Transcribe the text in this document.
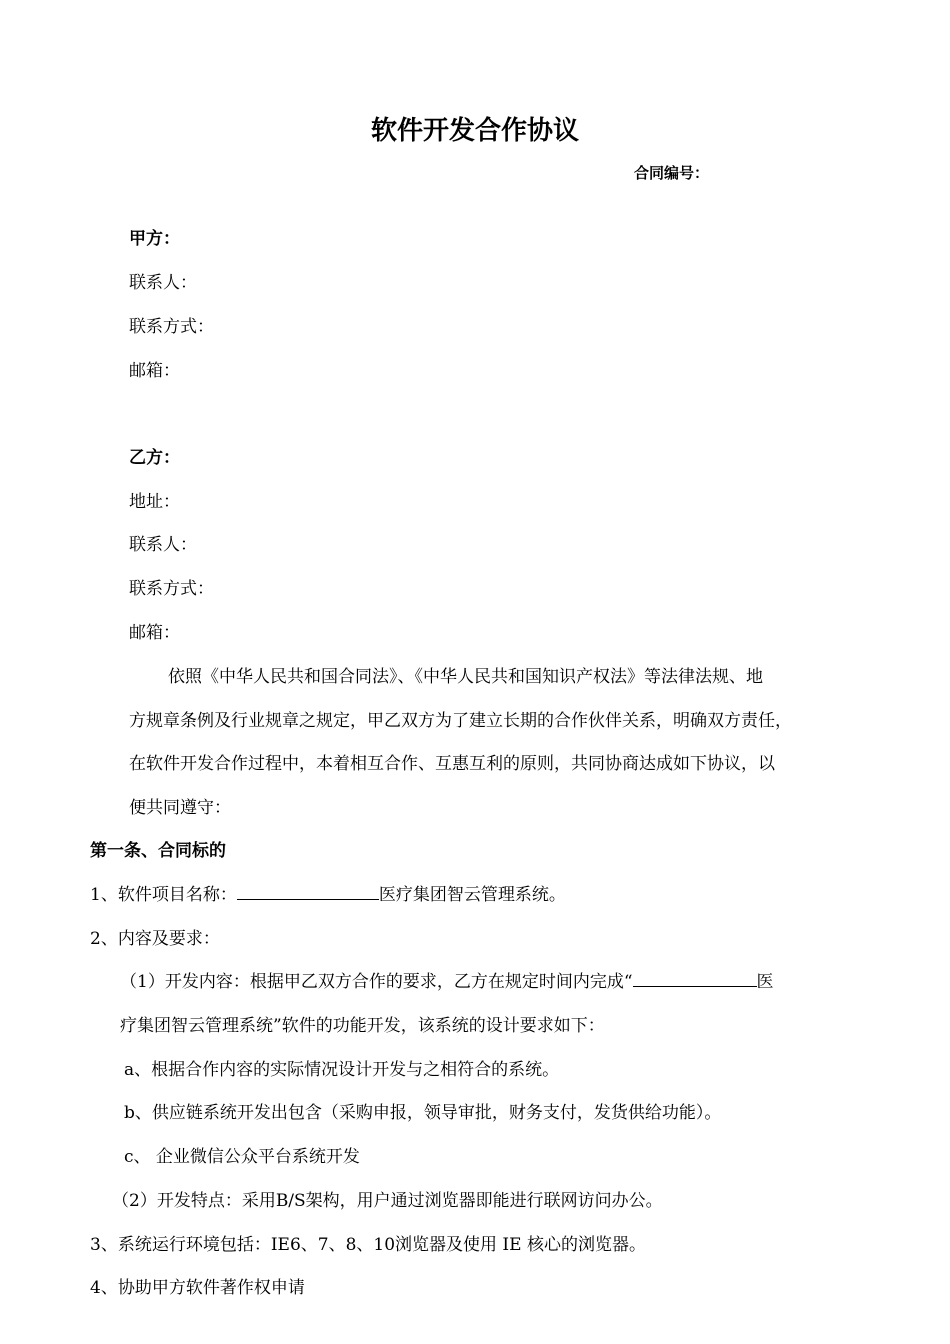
软件开发合作协议
合同编号：
甲方：
联系人：
联系方式：
邮箱：
乙方：
地址：
联系人：
联系方式：
邮箱：
依照《中华人民共和国合同法》、《中华人民共和国知识产权法》等法律法规、地
方规章条例及行业规章之规定，甲乙双方为了建立长期的合作伙伴关系，明确双方责任，
在软件开发合作过程中，本着相互合作、互惠互利的原则，共同协商达成如下协议，以
便共同遵守：
第一条、合同标的
1、软件项目名称：	医疗集团智云管理系统。
2、内容及要求：
（1）开发内容：根据甲乙双方合作的要求，乙方在规定时间内完成“	医
疗集团智云管理系统”软件的功能开发，该系统的设计要求如下：
a、根据合作内容的实际情况设计开发与之相符合的系统。
b、供应链系统开发出包含（采购申报，领导审批，财务支付，发货供给功能）。
c、 企业微信公众平台系统开发
（2）开发特点：采用B/S架构，用户通过浏览器即能进行联网访问办公。
3、系统运行环境包括：IE6、7、8、10浏览器及使用 IE 核心的浏览器。
4、协助甲方软件著作权申请
